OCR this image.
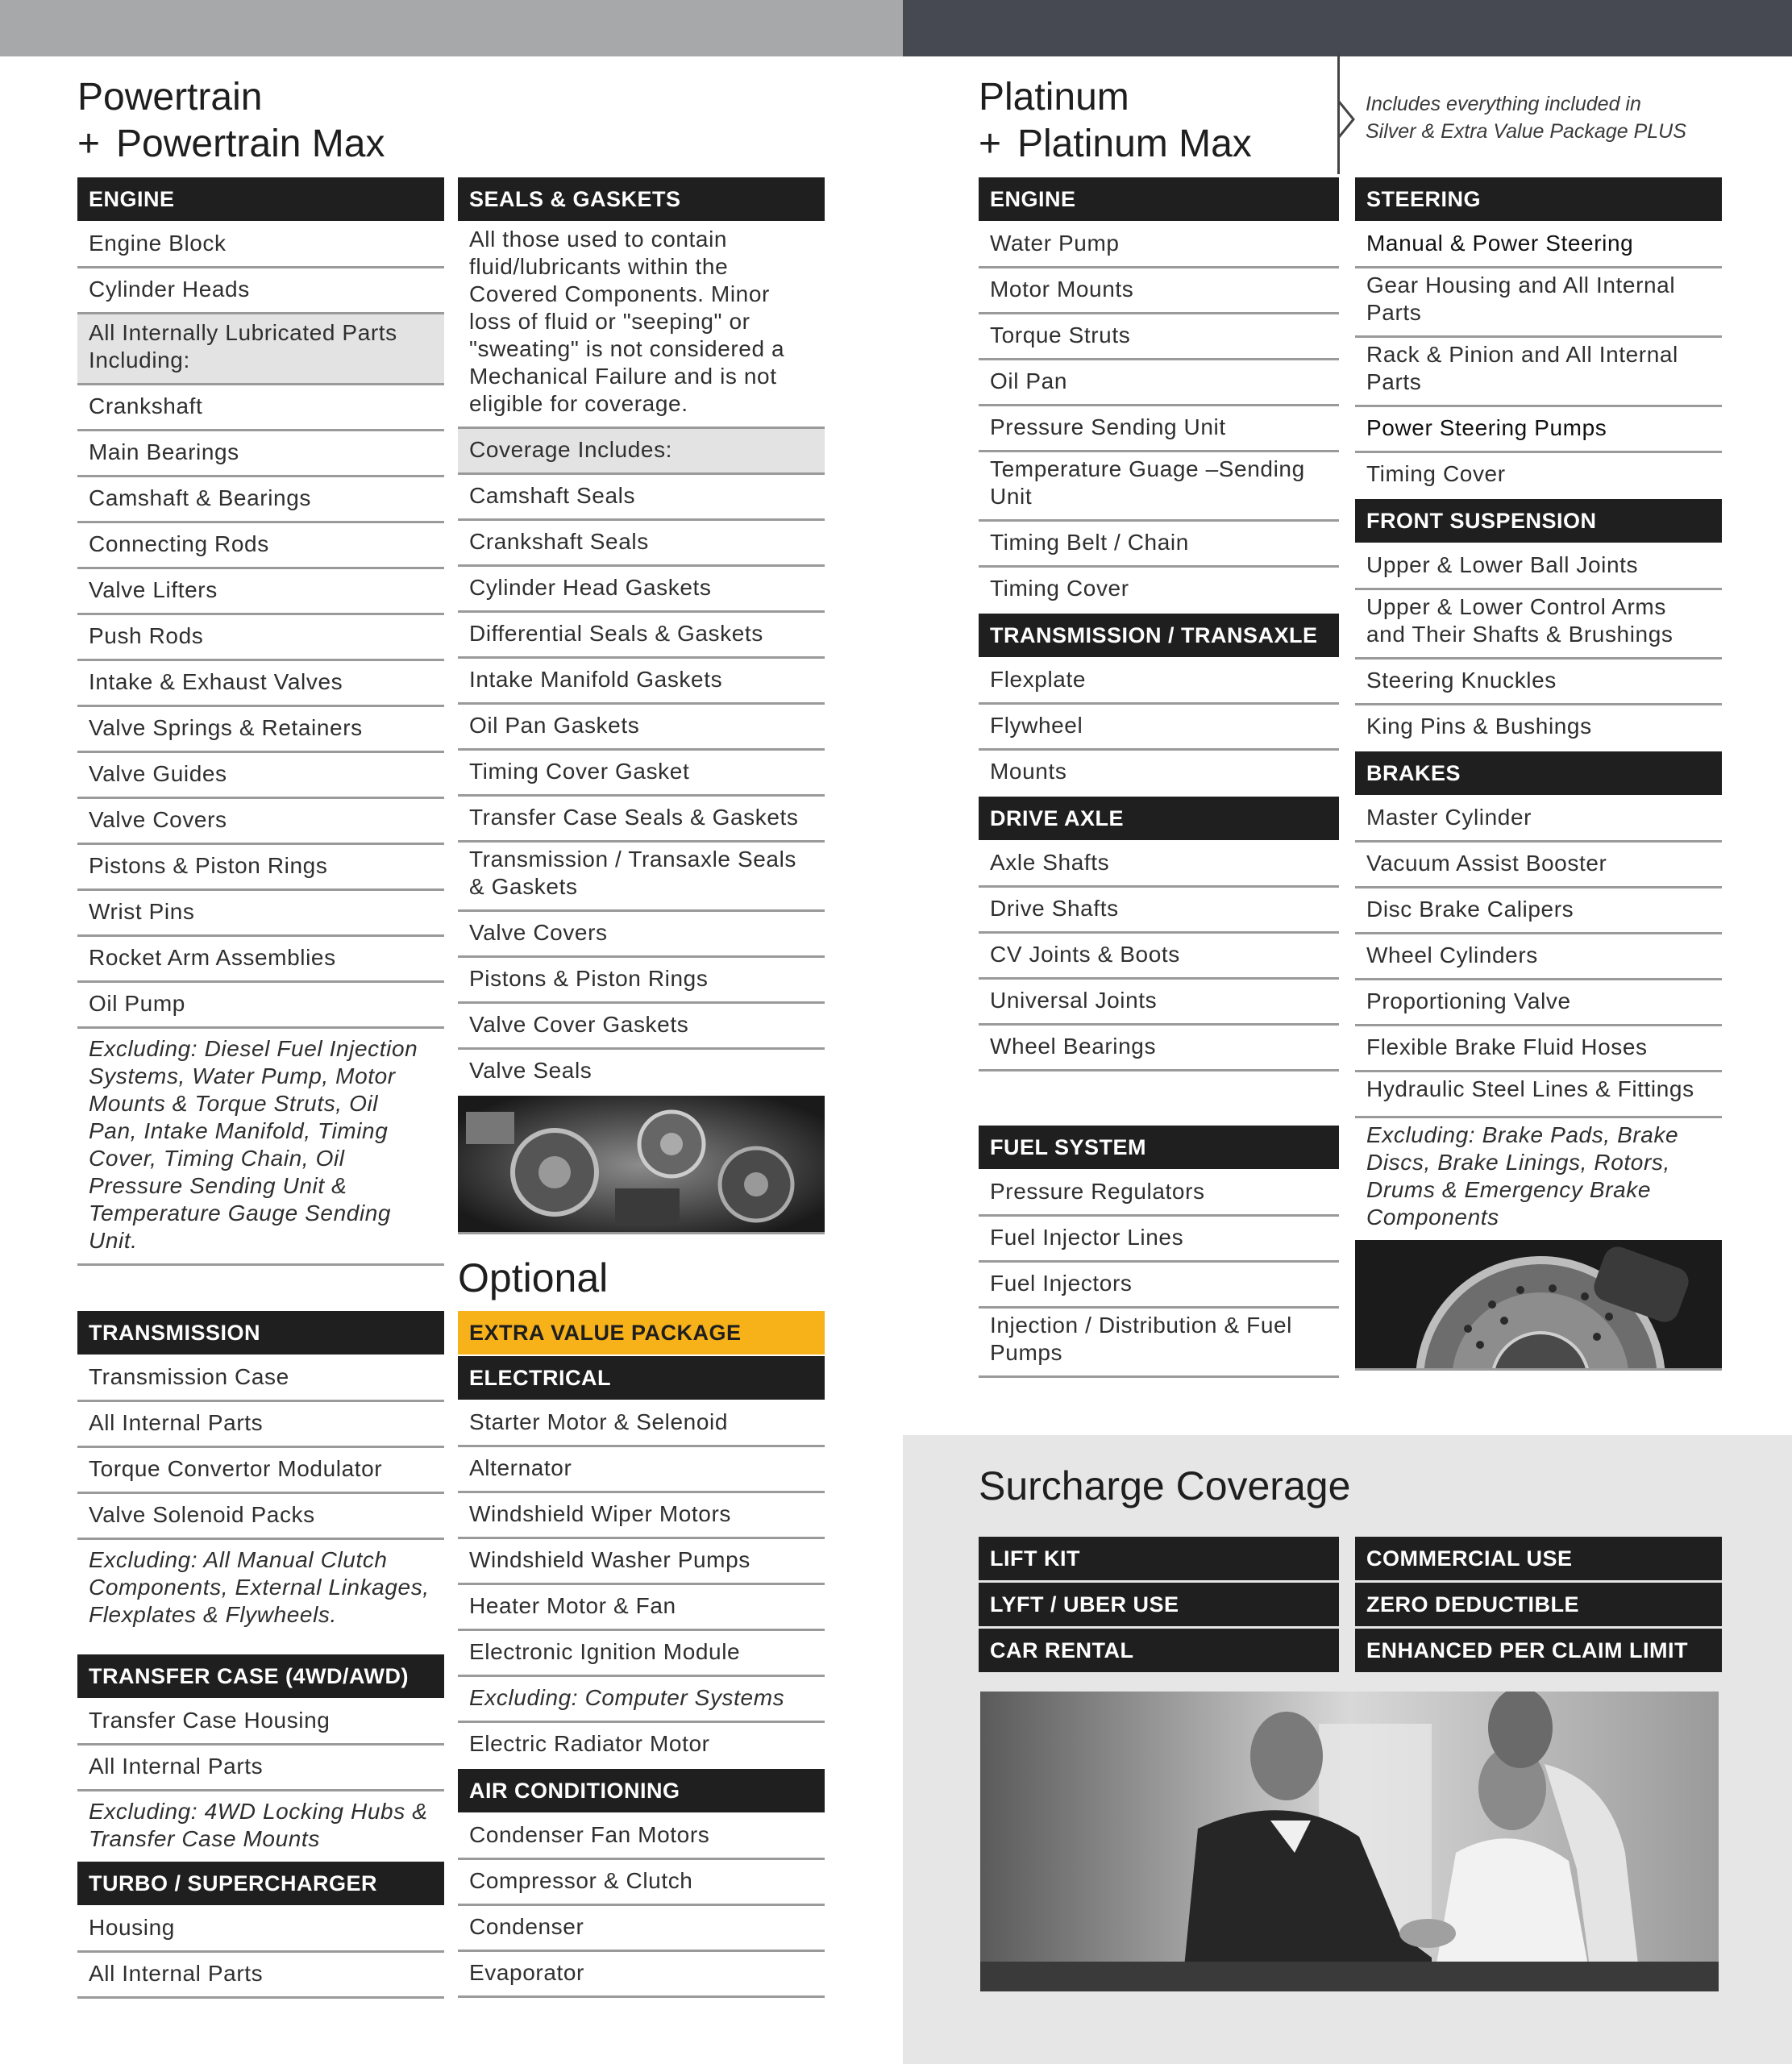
Powertrain
+ Powertrain Max
Platinum
+ Platinum Max
Includes everything included in
Silver & Extra Value Package PLUS
ENGINE
Engine Block
Cylinder Heads
All Internally Lubricated Parts Including:
Crankshaft
Main Bearings
Camshaft & Bearings
Connecting Rods
Valve Lifters
Push Rods
Intake & Exhaust Valves
Valve Springs & Retainers
Valve Guides
Valve Covers
Pistons & Piston Rings
Wrist Pins
Rocket Arm Assemblies
Oil Pump
Excluding: Diesel Fuel Injection Systems, Water Pump, Motor Mounts & Torque Struts, Oil Pan, Intake Manifold, Timing Cover, Timing Chain, Oil Pressure Sending Unit & Temperature Gauge Sending Unit.
TRANSMISSION
Transmission Case
All Internal Parts
Torque Convertor Modulator
Valve Solenoid Packs
Excluding: All Manual Clutch Components, External Linkages, Flexplates & Flywheels.
TRANSFER CASE (4WD/AWD)
Transfer Case Housing
All Internal Parts
Excluding: 4WD Locking Hubs & Transfer Case Mounts
TURBO / SUPERCHARGER
Housing
All Internal Parts
SEALS & GASKETS
All those used to contain fluid/lubricants within the Covered Components. Minor loss of fluid or "seeping" or "sweating" is not considered a Mechanical Failure and is not eligible for coverage.
Coverage Includes:
Camshaft Seals
Crankshaft Seals
Cylinder Head Gaskets
Differential Seals & Gaskets
Intake Manifold Gaskets
Oil Pan Gaskets
Timing Cover Gasket
Transfer Case Seals & Gaskets
Transmission / Transaxle Seals & Gaskets
Valve Covers
Pistons & Piston Rings
Valve Cover Gaskets
Valve Seals
Optional
EXTRA VALUE PACKAGE
ELECTRICAL
Starter Motor & Selenoid
Alternator
Windshield Wiper Motors
Windshield Washer Pumps
Heater Motor & Fan
Electronic Ignition Module
Excluding: Computer Systems
Electric Radiator Motor
AIR CONDITIONING
Condenser Fan Motors
Compressor & Clutch
Condenser
Evaporator
ENGINE
Water Pump
Motor Mounts
Torque Struts
Oil Pan
Pressure Sending Unit
Temperature Guage –Sending Unit
Timing Belt / Chain
Timing Cover
TRANSMISSION / TRANSAXLE
Flexplate
Flywheel
Mounts
DRIVE AXLE
Axle Shafts
Drive Shafts
CV Joints & Boots
Universal Joints
Wheel Bearings
FUEL SYSTEM
Pressure Regulators
Fuel Injector Lines
Fuel Injectors
Injection / Distribution & Fuel Pumps
STEERING
Manual & Power Steering
Gear Housing and All Internal Parts
Rack & Pinion and All Internal Parts
Power Steering Pumps
Timing Cover
FRONT SUSPENSION
Upper & Lower Ball Joints
Upper & Lower Control Arms and Their Shafts & Brushings
Steering Knuckles
King Pins & Bushings
BRAKES
Master Cylinder
Vacuum Assist Booster
Disc Brake Calipers
Wheel Cylinders
Proportioning Valve
Flexible Brake Fluid Hoses
Hydraulic Steel Lines & Fittings
Excluding: Brake Pads, Brake Discs, Brake Linings, Rotors, Drums & Emergency Brake Components
Surcharge Coverage
LIFT KIT
LYFT / UBER USE
CAR RENTAL
COMMERCIAL USE
ZERO DEDUCTIBLE
ENHANCED PER CLAIM LIMIT
